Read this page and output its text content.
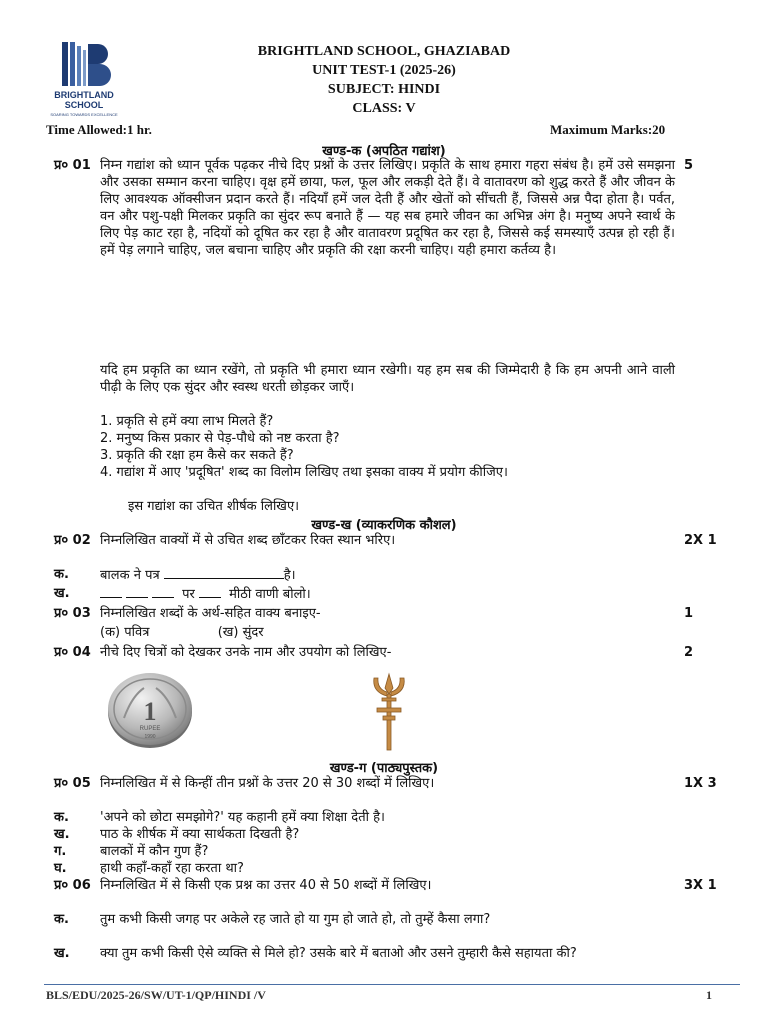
BRIGHTLAND
SCHOOL
SOARING TOWARDS EXCELLENCE
BRIGHTLAND SCHOOL, GHAZIABAD
UNIT TEST-1 (2025-26)
SUBJECT: HINDI
CLASS: V
Time Allowed:1 hr.	Maximum Marks:20
खण्ड-क (अपठित गद्यांश)
प्र० 01	5

निम्न गद्यांश को ध्यान पूर्वक पढ़कर नीचे दिए प्रश्नों के उत्तर लिखिए। प्रकृति के साथ हमारा गहरा संबंध है। हमें उसे समझना और उसका सम्मान करना चाहिए। वृक्ष हमें छाया, फल, फूल और लकड़ी देते हैं। वे वातावरण को शुद्ध करते हैं और जीवन के लिए आवश्यक ऑक्सीजन प्रदान करते हैं। नदियाँ हमें जल देती हैं और खेतों को सींचती हैं, जिससे अन्न पैदा होता है। पर्वत, वन और पशु-पक्षी मिलकर प्रकृति का सुंदर रूप बनाते हैं — यह सब हमारे जीवन का अभिन्न अंग है। मनुष्य अपने स्वार्थ के लिए पेड़ काट रहा है, नदियों को दूषित कर रहा है और वातावरण प्रदूषित कर रहा है, जिससे कई समस्याएँ उत्पन्न हो रही हैं। हमें पेड़ लगाने चाहिए, जल बचाना चाहिए और प्रकृति की रक्षा करनी चाहिए। यही हमारा कर्तव्य है।

यदि हम प्रकृति का ध्यान रखेंगे, तो प्रकृति भी हमारा ध्यान रखेगी। यह हम सब की जिम्मेदारी है कि हम अपनी आने वाली पीढ़ी के लिए एक सुंदर और स्वस्थ धरती छोड़कर जाएँ।

1. प्रकृति से हमें क्या लाभ मिलते हैं?
2. मनुष्य किस प्रकार से पेड़-पौधे को नष्ट करता है?
3. प्रकृति की रक्षा हम कैसे कर सकते हैं?
4. गद्यांश में आए 'प्रदूषित' शब्द का विलोम लिखिए तथा इसका वाक्य में प्रयोग कीजिए।
इस गद्यांश का उचित शीर्षक लिखिए।
खण्ड-ख (व्याकरणिक कौशल)
प्र० 02	2X 1
निम्नलिखित वाक्यों में से उचित शब्द छाँटकर रिक्त स्थान भरिए।
क. बालक ने पत्र	है।
ख.	पर	मीठी वाणी बोलो।
प्र० 03	1
निम्नलिखित शब्दों के अर्थ-सहित वाक्य बनाइए-
(क) पवित्र	(ख) सुंदर
प्र० 04	2
नीचे दिए चित्रों को देखकर उनके नाम और उपयोग को लिखिए-
1
RUPEE
1990
खण्ड-ग (पाठ्यपुस्तक)
प्र० 05	1X 3
निम्नलिखित में से किन्हीं तीन प्रश्नों के उत्तर 20 से 30 शब्दों में लिखिए।
क. 'अपने को छोटा समझोगे?' यह कहानी हमें क्या शिक्षा देती है।
ख. पाठ के शीर्षक में क्या सार्थकता दिखती है?
ग.	बालकों में कौन गुण हैं?
घ.	हाथी कहाँ-कहाँ रहा करता था?
प्र० 06	3X 1
निम्नलिखित में से किसी एक प्रश्न का उत्तर 40 से 50 शब्दों में लिखिए।
क. तुम कभी किसी जगह पर अकेले रह जाते हो या गुम हो जाते हो, तो तुम्हें कैसा लगा?
ख. क्या तुम कभी किसी ऐसे व्यक्ति से मिले हो? उसके बारे में बताओ और उसने तुम्हारी कैसे सहायता की?
BLS/EDU/2025-26/SW/UT-1/QP/HINDI /V	1
